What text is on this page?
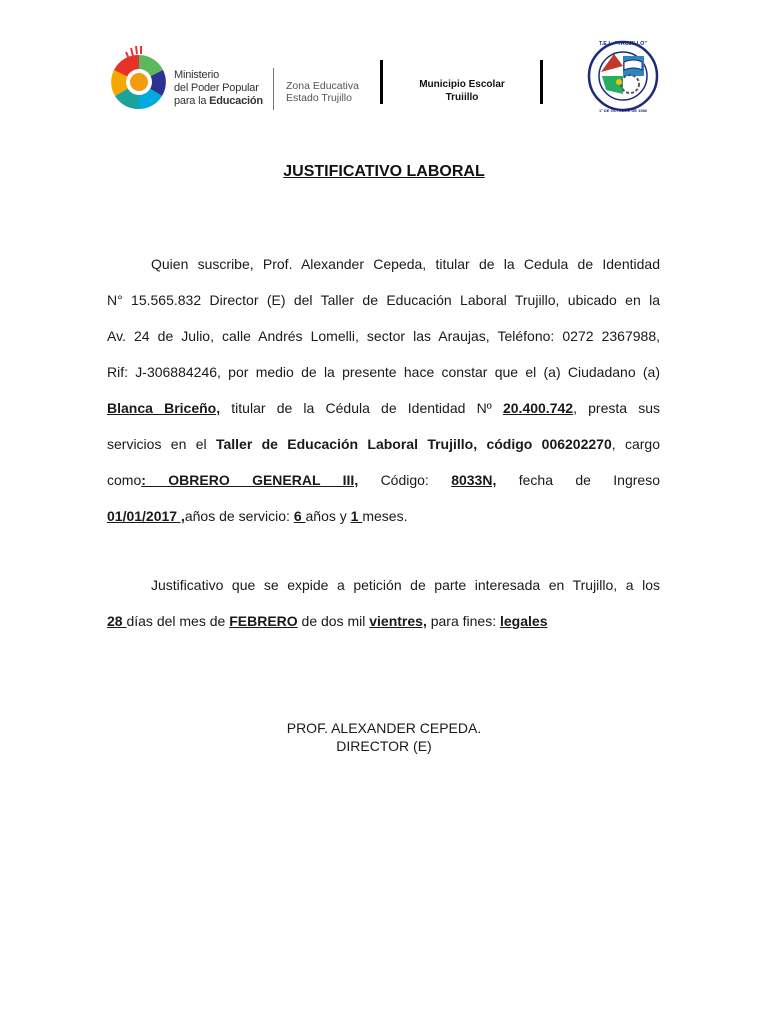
Ministerio
del Poder Popular
para la Educación
Zona Educativa
Estado Trujillo
Municipio Escolar
Truiillo
T.E.L. "TRUJILLO"
1° DE OCTUBRE DE 1980
JUSTIFICATIVO LABORAL
Quien suscribe, Prof. Alexander Cepeda, titular de la Cedula de Identidad
N° 15.565.832 Director (E) del Taller de Educación Laboral Trujillo, ubicado en la
Av. 24 de Julio, calle Andrés Lomelli, sector las Araujas, Teléfono: 0272 2367988,
Rif: J-306884246, por medio de la presente hace constar que el (a) Ciudadano (a)
Blanca Briceño, titular de la Cédula de Identidad Nº 20.400.742, presta sus
servicios en el Taller de Educación Laboral Trujillo, código 006202270, cargo
como: OBRERO GENERAL III, Código: 8033N, fecha de Ingreso
01/01/2017 ,años de servicio: 6 años y 1 meses.
Justificativo que se expide a petición de parte interesada en Trujillo, a los
28 días del mes de FEBRERO de dos mil vientres, para fines: legales
PROF. ALEXANDER CEPEDA.
DIRECTOR (E)
